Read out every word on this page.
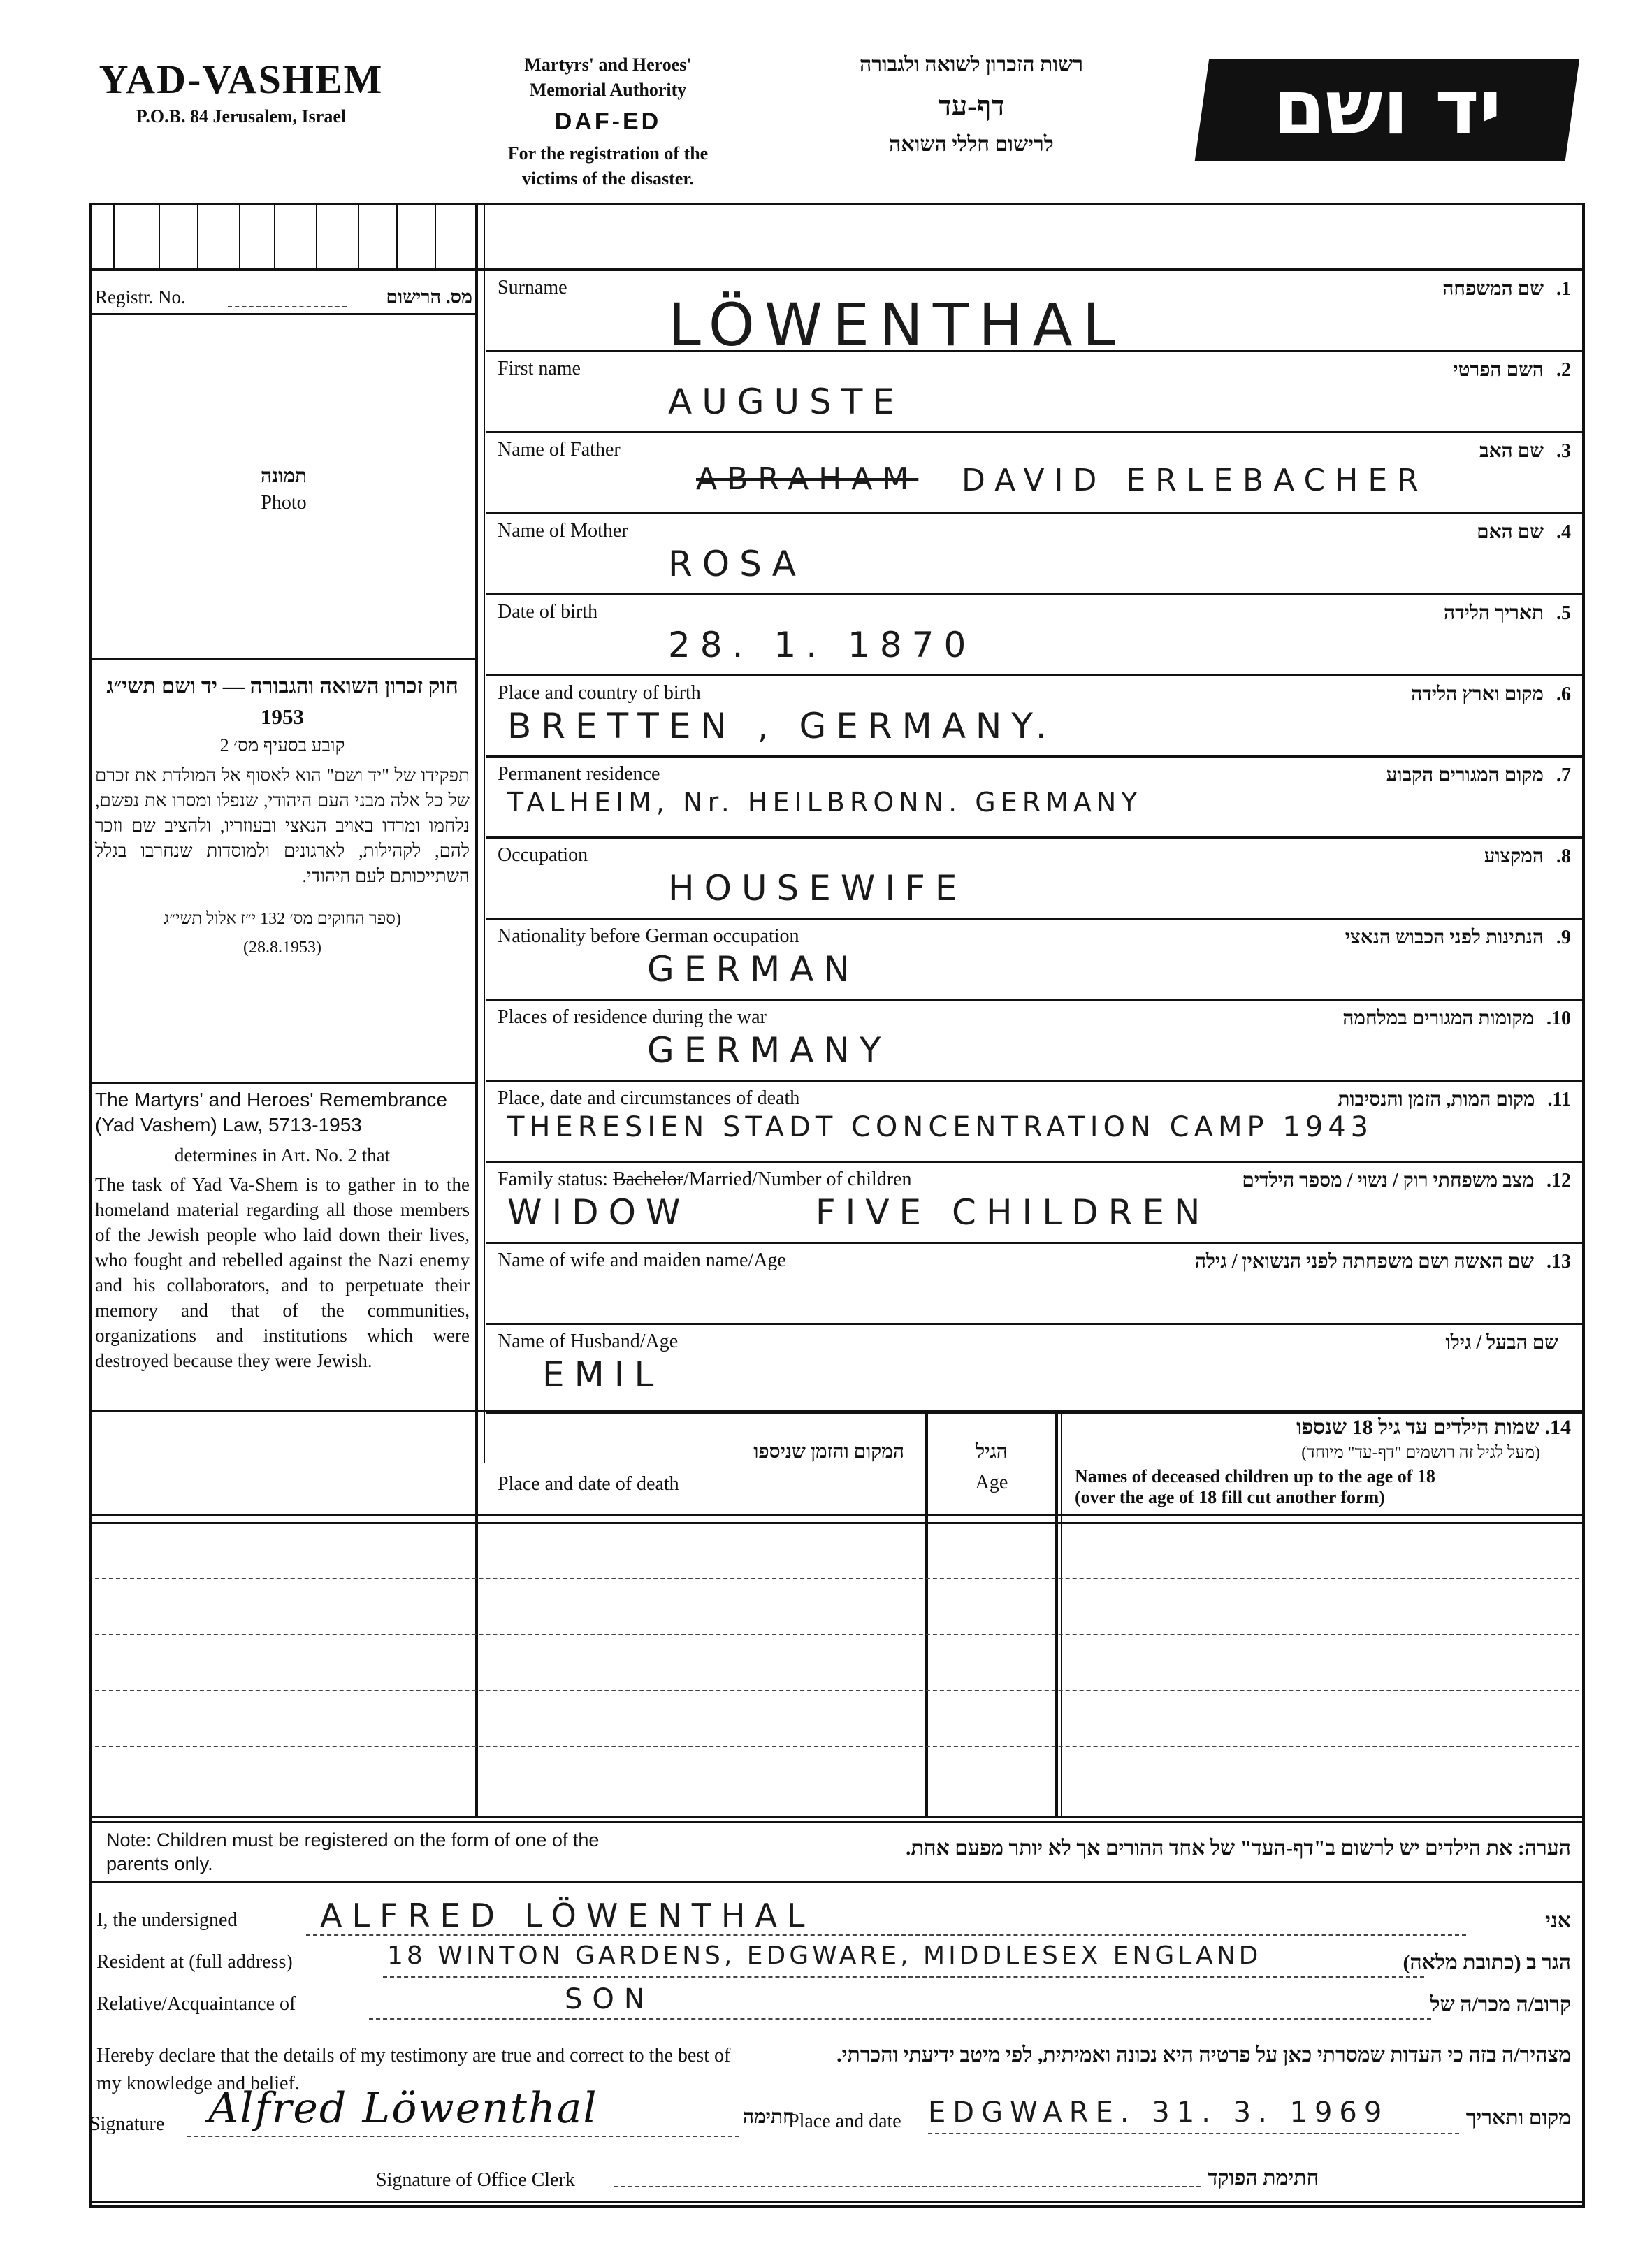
YAD-VASHEM
P.O.B. 84 Jerusalem, Israel
Martyrs' and Heroes'
Memorial Authority
DAF-ED
For the registration of the
victims of the disaster.
רשות הזכרון לשואה ולגבורה
דף-עד
לרישום חללי השואה	יד ושם
Registr. No.	מס. הרישום
תמונה
Photo
חוק זכרון השואה והגבורה — יד ושם תשי״ג 1953
קובע בסעיף מס׳ 2
תפקידו של "יד ושם" הוא לאסוף אל המולדת את זכרם של כל אלה מבני העם היהודי, שנפלו ומסרו את נפשם, נלחמו ומרדו באויב הנאצי ובעוזריו, ולהציב שם וזכר להם, לקהילות, לארגונים ולמוסדות שנחרבו בגלל השתייכותם לעם היהודי.
(ספר החוקים מס׳ 132 י״ז אלול תשי״ג
(28.8.1953)
The Martyrs' and Heroes' Remembrance (Yad Vashem) Law, 5713-1953
determines in Art. No. 2 that
The task of Yad Va-Shem is to gather in to the homeland material regarding all those members of the Jewish people who laid down their lives, who fought and rebelled against the Nazi enemy and his collaborators, and to perpetuate their memory and that of the communities, organizations and institutions which were destroyed because they were Jewish.
Surname	1.שם המשפחה
LÖWENTHAL
First name	2.השם הפרטי
AUGUSTE
Name of Father	3.שם האב
ABRAHAM DAVID ERLEBACHER
Name of Mother	4.שם האם
ROSA
Date of birth	5.תאריך הלידה
28. 1. 1870
Place and country of birth	6.מקום וארץ הלידה
BRETTEN , GERMANY.
Permanent residence	7.מקום המגורים הקבוע
TALHEIM, Nr. HEILBRONN. GERMANY
Occupation	8.המקצוע
HOUSEWIFE
Nationality before German occupation	9.הנתינות לפני הכבוש הנאצי
GERMAN
Places of residence during the war	10.מקומות המגורים במלחמה
GERMANY
Place, date and circumstances of death	11.מקום המות, הזמן והנסיבות
THERESIEN STADT CONCENTRATION CAMP 1943
Family status: Bachelor/Married/Number of children	12.מצב משפחתי רוק / נשוי / מספר הילדים
WIDOW      FIVE CHILDREN
Name of wife and maiden name/Age	13.שם האשה ושם משפחתה לפני הנשואין / גילה
Name of Husband/Age	שם הבעל / גילו
EMIL
המקום והזמן שניספו
Place and date of death
הגיל
Age
14. שמות הילדים עד גיל 18 שנספו
(מעל לגיל זה רושמים "דף-עד" מיוחד)
Names of deceased children up to the age of 18
(over the age of 18 fill cut another form)
Note: Children must be registered on the form of one of the parents only.
הערה: את הילדים יש לרשום ב"דף-העד" של אחד ההורים אך לא יותר מפעם אחת.
I, the undersigned	ALFRED LÖWENTHAL	אני
Resident at (full address)	18 WINTON GARDENS, EDGWARE, MIDDLESEX ENGLAND	הגר ב (כתובת מלאה)
Relative/Acquaintance of	SON	קרוב/ה מכר/ה של
Hereby declare that the details of my testimony are true and correct to the best of my knowledge and belief.
מצהיר/ה בזה כי העדות שמסרתי כאן על פרטיה היא נכונה ואמיתית, לפי מיטב ידיעתי והכרתי.
Signature Alfred Löwenthal	חתימה
Place and date EDGWARE. 31. 3. 1969	מקום ותאריך
Signature of Office Clerk	חתימת הפוקד
